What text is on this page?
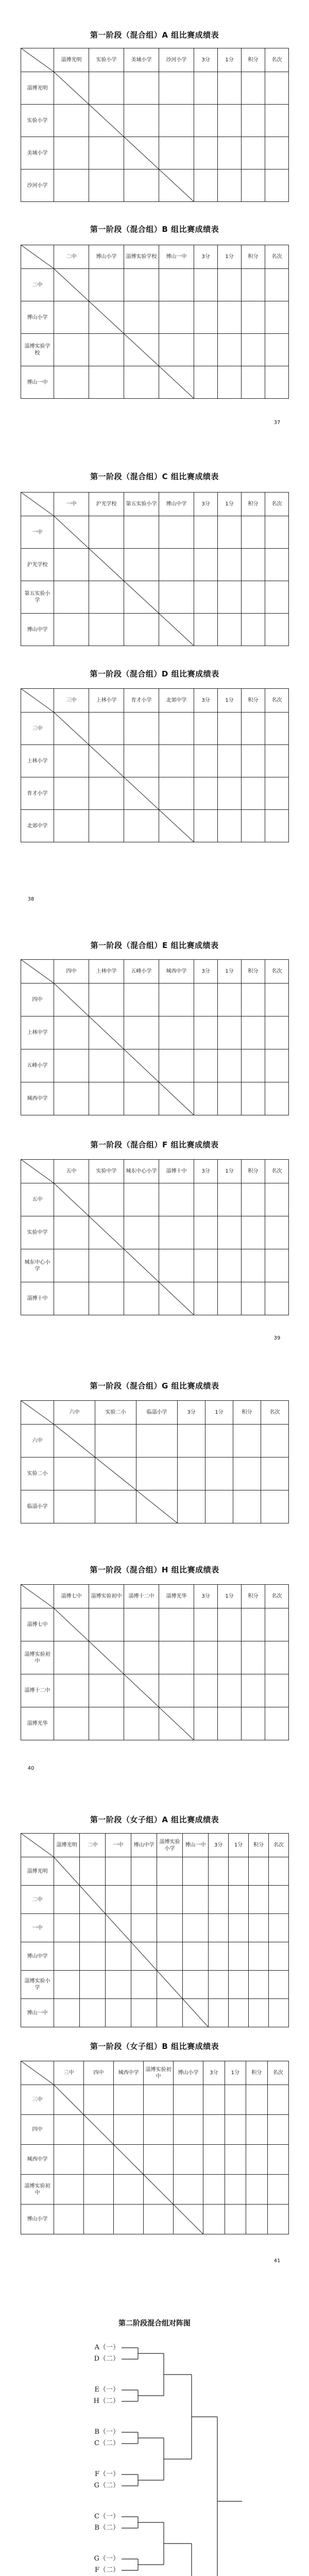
第一阶段（混合组）A 组比赛成绩表
	淄博光明	实验小学	美域小学	沙河小学	3分	1分	积分	名次
淄博光明								
实验小学								
美域小学								
沙河小学								
第一阶段（混合组）B 组比赛成绩表
	二中	博山小学	淄博实验学校	博山一中	3分	1分	积分	名次
二中								
博山小学								
淄博实验学校								
博山一中								
第一阶段（混合组）C 组比赛成绩表
	一中	沪光学校	第五实验小学	博山中学	3分	1分	积分	名次
一中								
沪光学校								
第五实验小学								
博山中学								
第一阶段（混合组）D 组比赛成绩表
	三中	上林小学	育才小学	北郊中学	3分	1分	积分	名次
三中								
上林小学								
育才小学								
北郊中学								
第一阶段（混合组）E 组比赛成绩表
	四中	上林中学	五峰小学	城西中学	3分	1分	积分	名次
四中								
上林中学								
五峰小学								
城西中学								
第一阶段（混合组）F 组比赛成绩表
	五中	实验中学	城东中心小学	淄博十中	3分	1分	积分	名次
五中								
实验中学								
城东中心小学								
淄博十中								
第一阶段（混合组）G 组比赛成绩表
	六中	实验二小	临淄小学	3分	1分	积分	名次
六中							
实验二小							
临淄小学							
第一阶段（混合组）H 组比赛成绩表
	淄博七中	淄博实验初中	淄博十二中	淄博光华	3分	1分	积分	名次
淄博七中								
淄博实验初中								
淄博十二中								
淄博光华								
第一阶段（女子组）A 组比赛成绩表
	淄博光明	二中	一中	博山中学	淄博实验小学	博山一中	3分	1分	积分	名次
淄博光明										
二中										
一中										
博山中学										
淄博实验小学										
博山一中										
第一阶段（女子组）B 组比赛成绩表
	三中	四中	城西中学	淄博实验初中	博山小学	3分	1分	积分	名次
三中									
四中									
城西中学									
淄博实验初中									
博山小学									
37
38
39
40
41
第二阶段混合组对阵图
A（一）
D（二）
E（一）
H（二）
B（一）
C（二）
F（一）
G（二）
C（一）
B（二）
G（一）
F（二）
